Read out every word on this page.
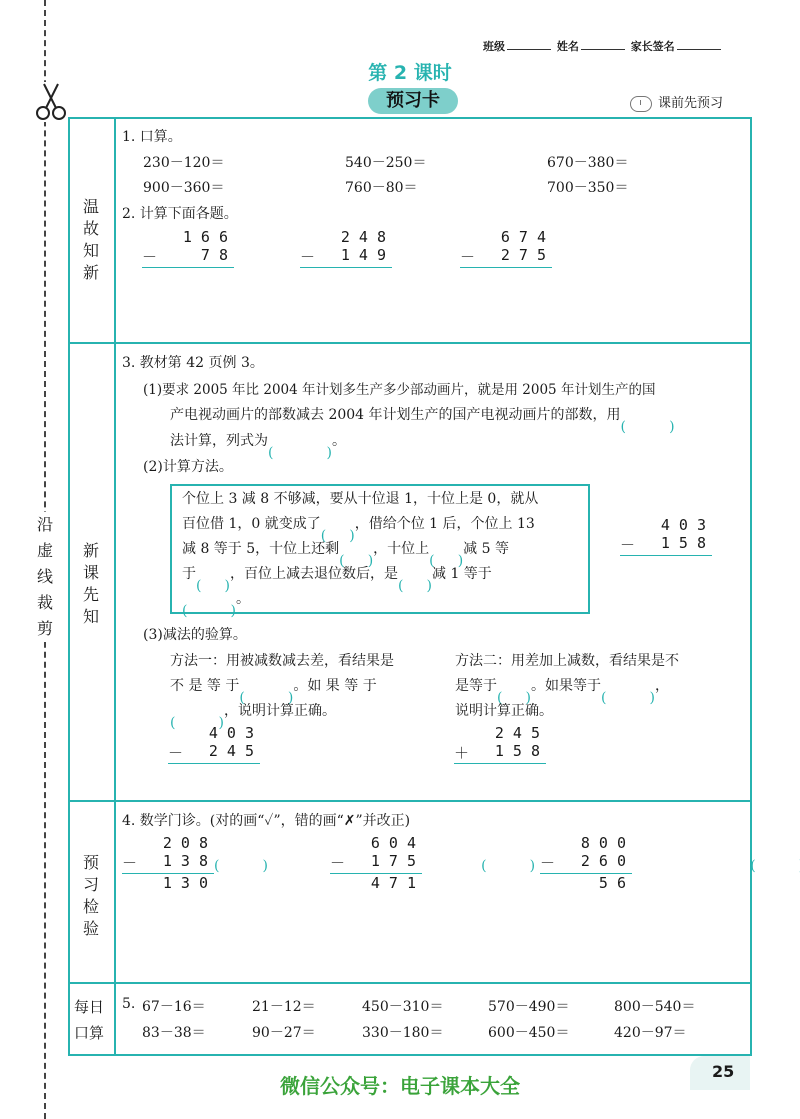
沿虚线裁剪
班级	姓名	家长签名
第 2 课时
预习卡	课前先预习
温故知新
新课先知
预习检验
每日
口算
1. 口算。
230－120＝	540－250＝	670－380＝
900－360＝	760－80＝	700－350＝
2. 计算下面各题。
1 6 6
－	7 8
2 4 8
－ 1 4 9
6 7 4
－ 2 7 5
3. 教材第 42 页例 3。
(1)要求 2005 年比 2004 年计划多生产多少部动画片，就是用 2005 年计划生产的国
产电视动画片的部数减去 2004 年计划生产的国产电视动画片的部数，用
法计算，列式为	。
(2)计算方法。
个位上 3 减 8 不够减，要从十位退 1，十位上是 0，就从
百位借 1，0 就变成了 ，借给个位 1 后，个位上 13
减 8 等于 5，十位上还剩 ，十位上 减 5 等
于 ，百位上减去退位数后，是 减 1 等于
。
4 0 3
－ 1 5 8
(3)减法的验算。
方法一：用被减数减去差，看结果是
不 是 等 于	。如 果 等 于
，说明计算正确。
方法二：用差加上减数，看结果是不
是等于 。如果等于	，
说明计算正确。
4 0 3
－ 2 4 5
2 4 5
＋ 1 5 8
4. 数学门诊。(对的画“✓”，错的画“✗”并改正)
2 0 8
－ 1 3 8
1 3 0
( )
6 0 4
－ 1 7 5
4 7 1
( )
8 0 0
－ 2 6 0
5 6
( )
5. 67－16＝	21－12＝	450－310＝	570－490＝	800－540＝
83－38＝	90－27＝	330－180＝	600－450＝	420－97＝
25
微信公众号：电子课本大全
